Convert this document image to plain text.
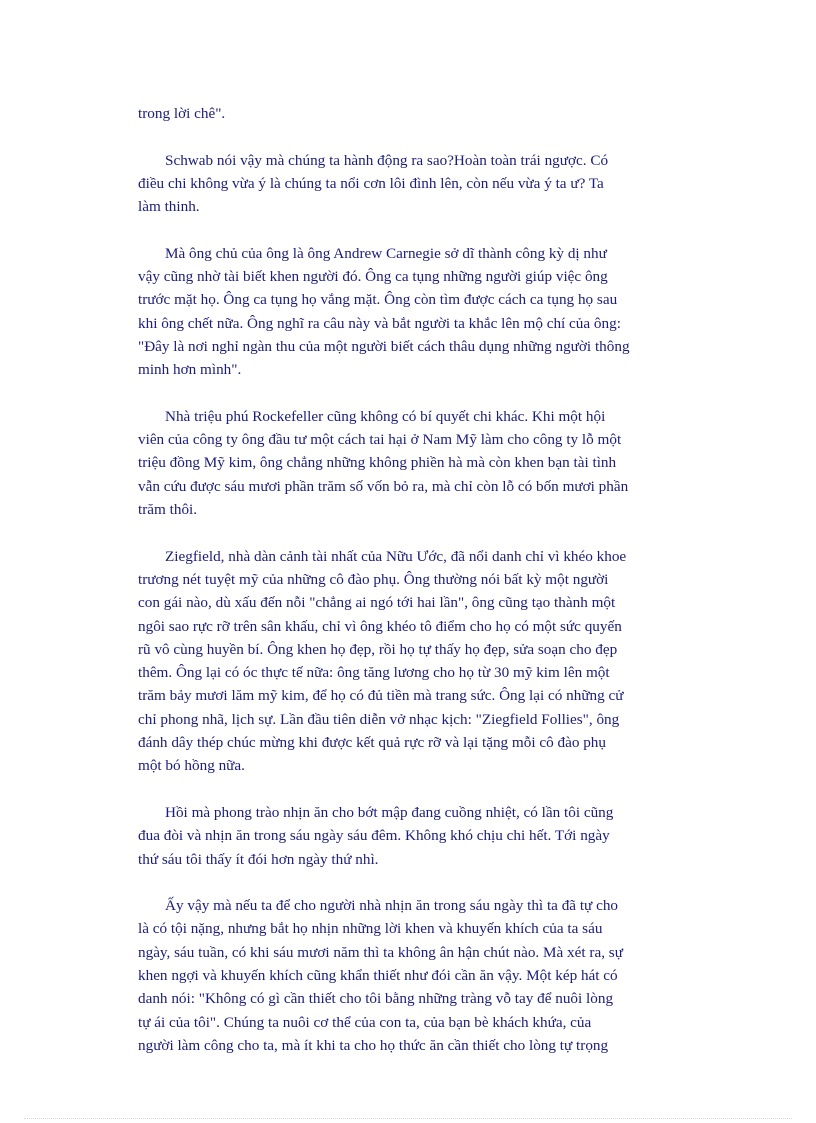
trong lời chê".
Schwab nói vậy mà chúng ta hành động ra sao?Hoàn toàn trái ngược. Có
điều chi không vừa ý là chúng ta nổi cơn lôi đình lên, còn nếu vừa ý ta ư? Ta
làm thinh.
Mà ông chủ của ông là ông Andrew Carnegie sở dĩ thành công kỳ dị như
vậy cũng nhờ tài biết khen người đó. Ông ca tụng những người giúp việc ông
trước mặt họ. Ông ca tụng họ vắng mặt. Ông còn tìm được cách ca tụng họ sau
khi ông chết nữa. Ông nghĩ ra câu này và bắt người ta khắc lên mộ chí của ông:
"Đây là nơi nghỉ ngàn thu của một người biết cách thâu dụng những người thông
minh hơn mình".
Nhà triệu phú Rockefeller cũng không có bí quyết chi khác. Khi một hội
viên của công ty ông đầu tư một cách tai hại ở Nam Mỹ làm cho công ty lỗ một
triệu đồng Mỹ kim, ông chẳng những không phiền hà mà còn khen bạn tài tình
vẫn cứu được sáu mươi phần trăm số vốn bỏ ra, mà chỉ còn lỗ có bốn mươi phần
trăm thôi.
Ziegfield, nhà dàn cảnh tài nhất của Nữu Ước, đã nổi danh chỉ vì khéo khoe
trương nét tuyệt mỹ của những cô đào phụ. Ông thường nói bất kỳ một người
con gái nào, dù xấu đến nỗi "chẳng ai ngó tới hai lần", ông cũng tạo thành một
ngôi sao rực rỡ trên sân khấu, chỉ vì ông khéo tô điểm cho họ có một sức quyến
rũ vô cùng huyền bí. Ông khen họ đẹp, rồi họ tự thấy họ đẹp, sửa soạn cho đẹp
thêm. Ông lại có óc thực tế nữa: ông tăng lương cho họ từ 30 mỹ kim lên một
trăm bảy mươi lăm mỹ kim, để họ có đủ tiền mà trang sức. Ông lại có những cử
chỉ phong nhã, lịch sự. Lần đầu tiên diễn vở nhạc kịch: "Ziegfield Follies", ông
đánh dây thép chúc mừng khi được kết quả rực rỡ và lại tặng mỗi cô đào phụ
một bó hồng nữa.
Hồi mà phong trào nhịn ăn cho bớt mập đang cuồng nhiệt, có lần tôi cũng
đua đòi và nhịn ăn trong sáu ngày sáu đêm. Không khó chịu chi hết. Tới ngày
thứ sáu tôi thấy ít đói hơn ngày thứ nhì.
Ấy vậy mà nếu ta để cho người nhà nhịn ăn trong sáu ngày thì ta đã tự cho
là có tội nặng, nhưng bắt họ nhịn những lời khen và khuyến khích của ta sáu
ngày, sáu tuần, có khi sáu mươi năm thì ta không ân hận chút nào. Mà xét ra, sự
khen ngợi và khuyến khích cũng khẩn thiết như đói cần ăn vậy. Một kép hát có
danh nói: "Không có gì cần thiết cho tôi bằng những tràng vỗ tay để nuôi lòng
tự ái của tôi". Chúng ta nuôi cơ thể của con ta, của bạn bè khách khứa, của
người làm công cho ta, mà ít khi ta cho họ thức ăn cần thiết cho lòng tự trọng
